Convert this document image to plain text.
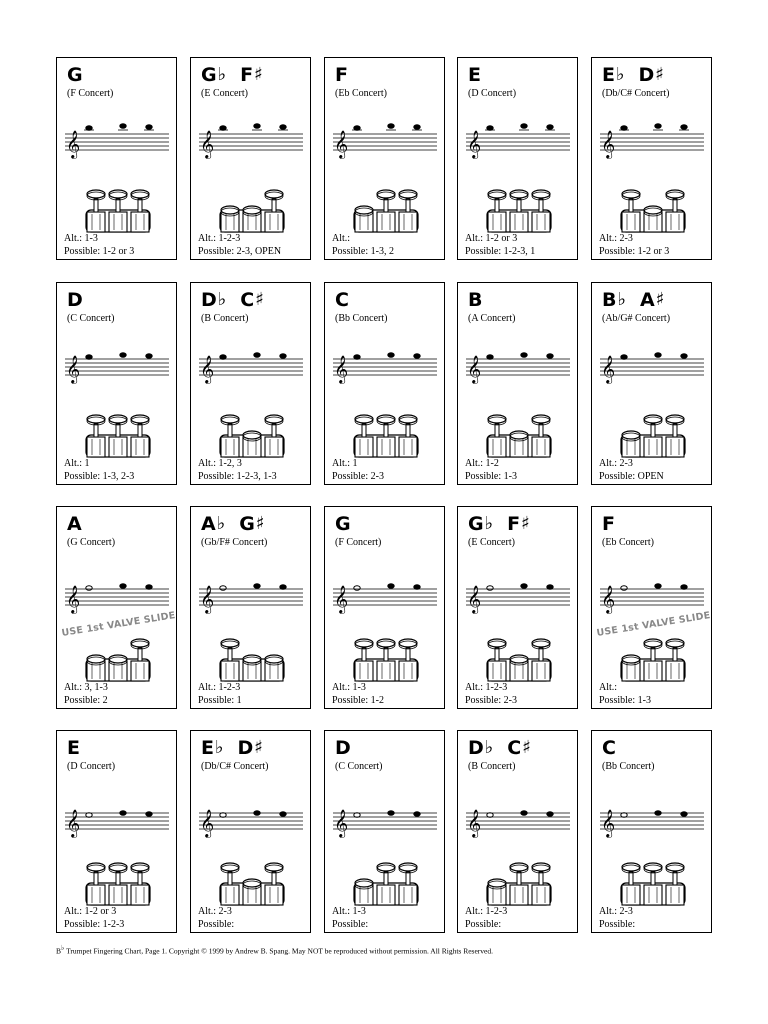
G
(F Concert)
𝄞
Alt.: 1-3
Possible: 1-2 or 3
G♭ F♯
(E Concert)
𝄞
Alt.: 1-2-3
Possible: 2-3, OPEN
F
(Eb Concert)
𝄞
Alt.:
Possible: 1-3, 2
E
(D Concert)
𝄞
Alt.: 1-2 or 3
Possible: 1-2-3, 1
E♭ D♯
(Db/C# Concert)
𝄞
Alt.: 2-3
Possible: 1-2 or 3
D
(C Concert)
𝄞
Alt.: 1
Possible: 1-3, 2-3
D♭ C♯
(B Concert)
𝄞
Alt.: 1-2, 3
Possible: 1-2-3, 1-3
C
(Bb Concert)
𝄞
Alt.: 1
Possible: 2-3
B
(A Concert)
𝄞
Alt.: 1-2
Possible: 1-3
B♭ A♯
(Ab/G# Concert)
𝄞
Alt.: 2-3
Possible: OPEN
A
(G Concert)
𝄞
USE 1st VALVE SLIDE
Alt.: 3, 1-3
Possible: 2
A♭ G♯
(Gb/F# Concert)
𝄞
Alt.: 1-2-3
Possible: 1
G
(F Concert)
𝄞
Alt.: 1-3
Possible: 1-2
G♭ F♯
(E Concert)
𝄞
Alt.: 1-2-3
Possible: 2-3
F
(Eb Concert)
𝄞
USE 1st VALVE SLIDE
Alt.:
Possible: 1-3
E
(D Concert)
𝄞
Alt.: 1-2 or 3
Possible: 1-2-3
E♭ D♯
(Db/C# Concert)
𝄞
Alt.: 2-3
Possible:
D
(C Concert)
𝄞
Alt.: 1-3
Possible:
D♭ C♯
(B Concert)
𝄞
Alt.: 1-2-3
Possible:
C
(Bb Concert)
𝄞
Alt.: 2-3
Possible:
B♭ Trumpet Fingering Chart, Page 1. Copyright © 1999 by Andrew B. Spang. May NOT be reproduced without permission. All Rights Reserved.
